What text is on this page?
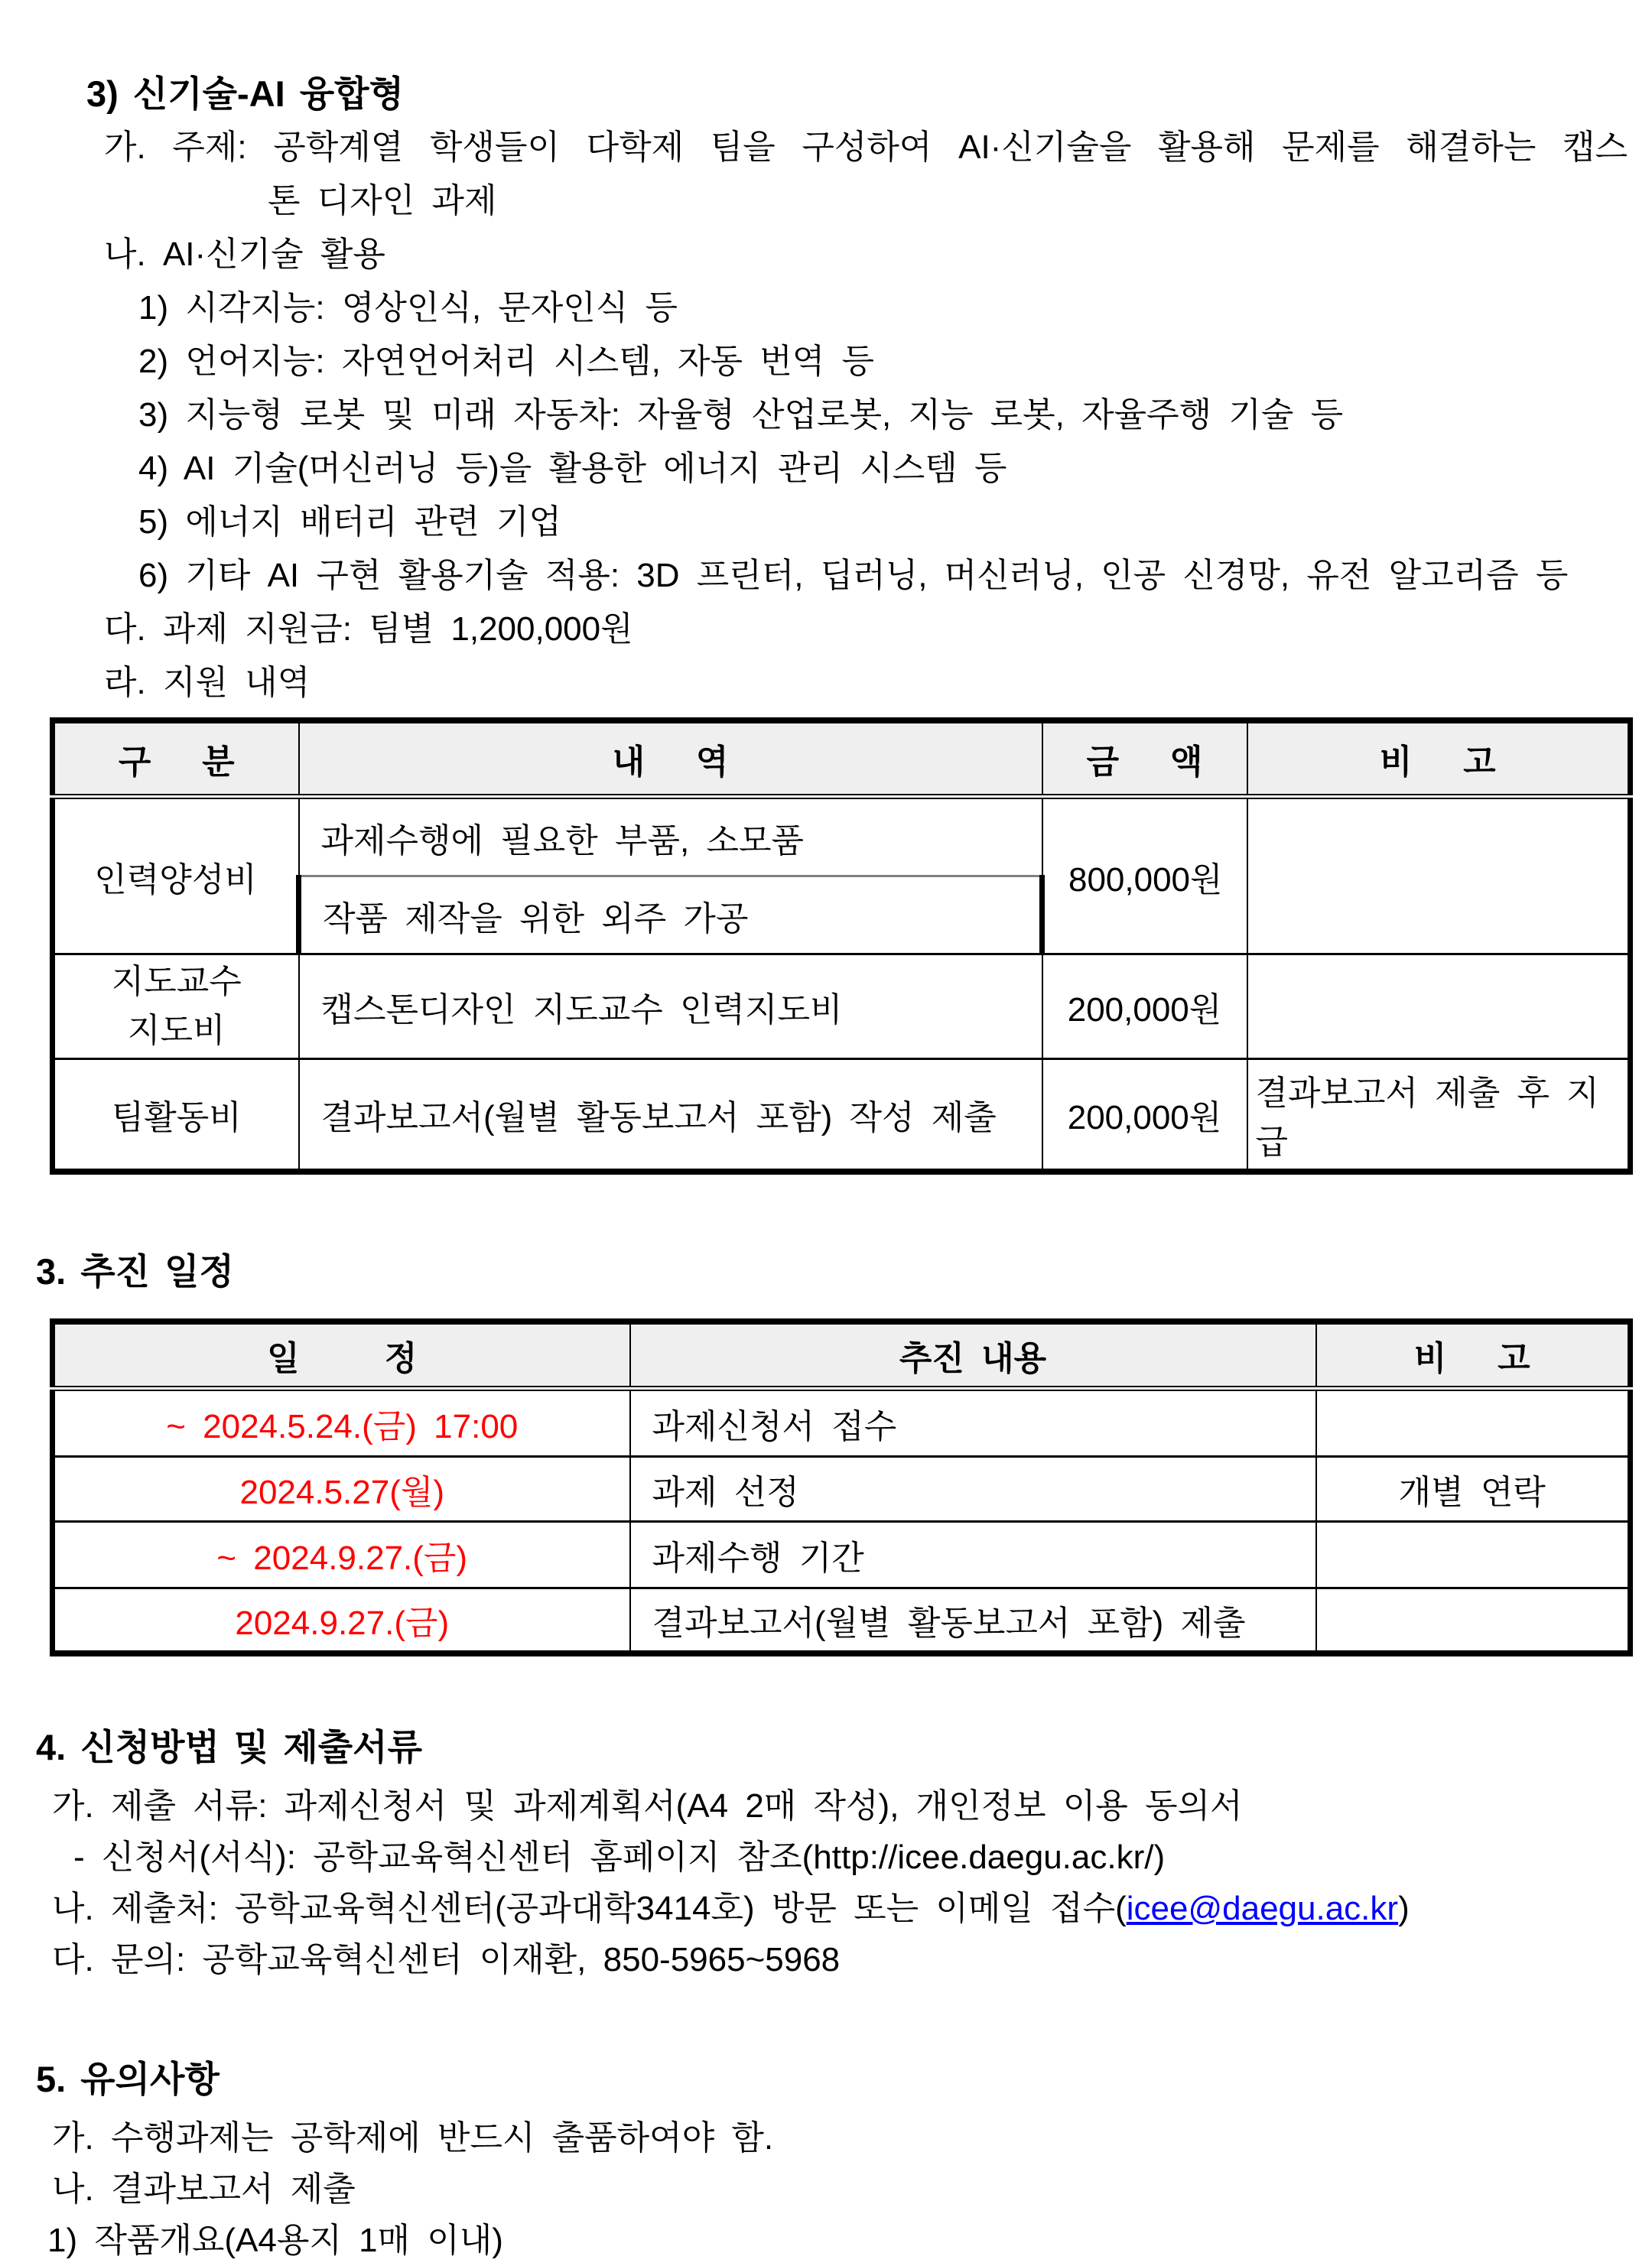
3) 신기술-AI 융합형
가. 주제: 공학계열 학생들이 다학제 팀을 구성하여 AI·신기술을 활용해 문제를 해결하는 캡스
톤 디자인 과제
나. AI·신기술 활용
1) 시각지능: 영상인식, 문자인식 등
2) 언어지능: 자연언어처리 시스템, 자동 번역 등
3) 지능형 로봇 및 미래 자동차: 자율형 산업로봇, 지능 로봇, 자율주행 기술 등
4) AI 기술(머신러닝 등)을 활용한 에너지 관리 시스템 등
5) 에너지 배터리 관련 기업
6) 기타 AI 구현 활용기술 적용: 3D 프린터, 딥러닝, 머신러닝, 인공 신경망, 유전 알고리즘 등
다. 과제 지원금: 팀별 1,200,000원
라. 지원 내역
구   분	내   역	금   액	비   고
인력양성비	과제수행에 필요한 부품, 소모품	800,000원	
	작품 제작을 위한 외주 가공		

지도교수
지도비	캡스톤디자인 지도교수 인력지도비	200,000원	
팀활동비	결과보고서(월별 활동보고서 포함) 작성 제출	200,000원	결과보고서 제출 후 지급
3. 추진 일정
일     정	추진 내용	비   고
~ 2024.5.24.(금) 17:00	과제신청서 접수	
2024.5.27(월)	과제 선정	개별 연락
~ 2024.9.27.(금)	과제수행 기간	
2024.9.27.(금)	결과보고서(월별 활동보고서 포함) 제출	
4. 신청방법 및 제출서류
가. 제출 서류: 과제신청서 및 과제계획서(A4 2매 작성), 개인정보 이용 동의서
- 신청서(서식): 공학교육혁신센터 홈페이지 참조(http://icee.daegu.ac.kr/)
나. 제출처: 공학교육혁신센터(공과대학3414호) 방문 또는 이메일 접수(icee@daegu.ac.kr)
다. 문의: 공학교육혁신센터 이재환, 850-5965~5968
5. 유의사항
가. 수행과제는 공학제에 반드시 출품하여야 함.
나. 결과보고서 제출
1) 작품개요(A4용지 1매 이내)
